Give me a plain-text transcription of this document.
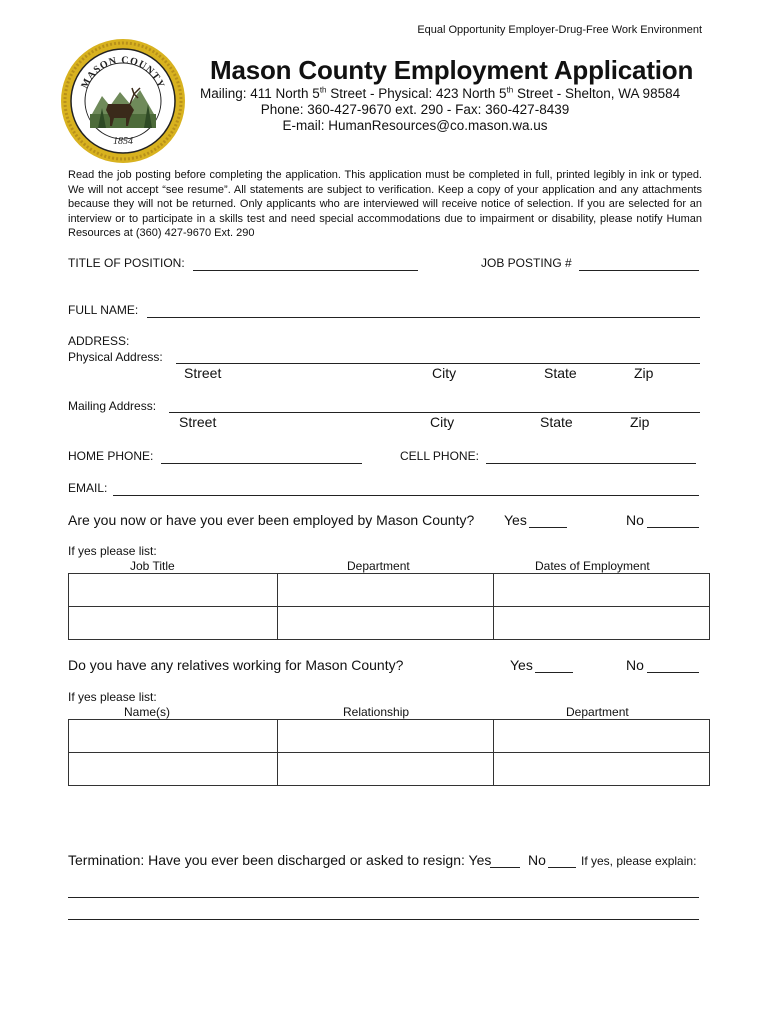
Equal Opportunity Employer-Drug-Free Work Environment
MASON COUNTY
1854
Mason County Employment Application
Mailing: 411 North 5th Street - Physical: 423 North 5th Street - Shelton, WA 98584
Phone: 360-427-9670 ext. 290 - Fax: 360-427-8439
E-mail: HumanResources@co.mason.wa.us
Read the job posting before completing the application. This application must be completed in full, printed legibly in ink or typed. We will not accept “see resume”. All statements are subject to verification. Keep a copy of your application and any attachments because they will not be returned. Only applicants who are interviewed will receive notice of selection. If you are selected for an interview or to participate in a skills test and need special accommodations due to impairment or disability, please notify Human Resources at (360) 427-9670 Ext. 290
TITLE OF POSITION:	JOB POSTING #
FULL NAME:
ADDRESS:
Physical Address:
Street	City	State	Zip
Mailing Address:
Street	City	State	Zip
HOME PHONE:	CELL PHONE:
EMAIL:
Are you now or have you ever been employed by Mason County? Yes	No
If yes please list:
Job Title	Department	Dates of Employment

Do you have any relatives working for Mason County?	Yes	No
If yes please list:
Name(s)	Relationship	Department

Termination: Have you ever been discharged or asked to resign: Yes	No	If yes, please explain:
